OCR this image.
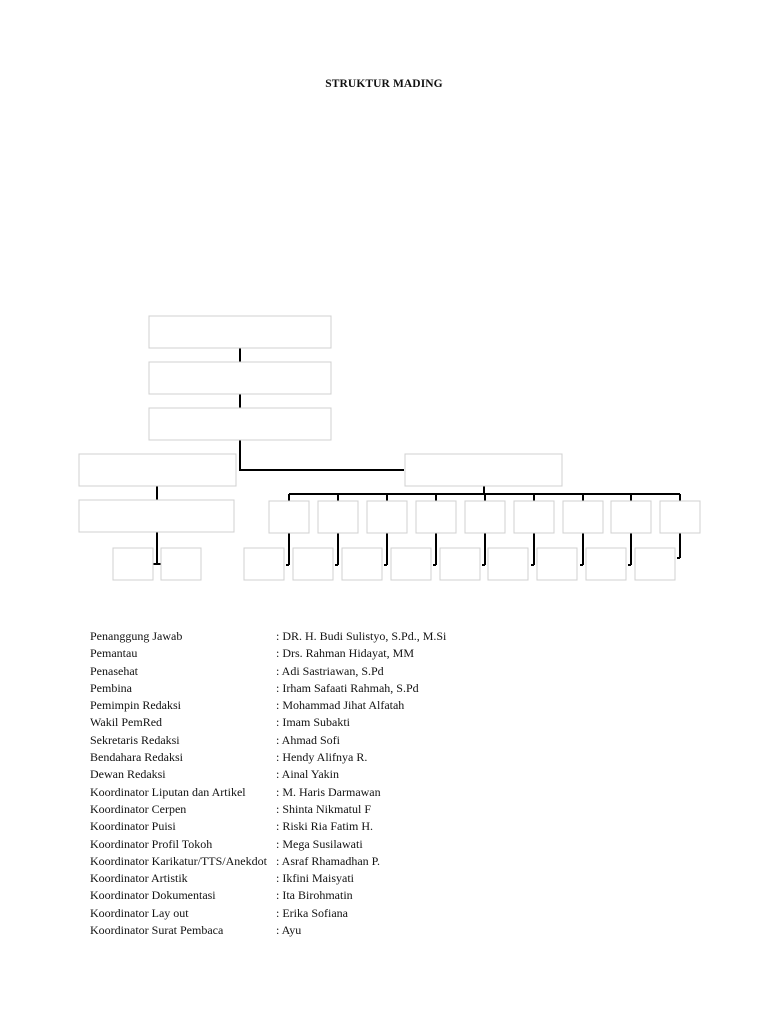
STRUKTUR MADING
Penanggung Jawab	: DR. H. Budi Sulistyo, S.Pd., M.Si
Pemantau	: Drs. Rahman Hidayat, MM
Penasehat	: Adi Sastriawan, S.Pd
Pembina	: Irham Safaati Rahmah, S.Pd
Pemimpin Redaksi	: Mohammad Jihat Alfatah
Wakil PemRed	: Imam Subakti
Sekretaris Redaksi	: Ahmad Sofi
Bendahara Redaksi	: Hendy Alifnya R.
Dewan Redaksi	: Ainal Yakin
Koordinator Liputan dan Artikel	: M. Haris Darmawan
Koordinator Cerpen	: Shinta Nikmatul F
Koordinator Puisi	: Riski Ria Fatim H.
Koordinator Profil Tokoh	: Mega Susilawati
Koordinator Karikatur/TTS/Anekdot : Asraf Rhamadhan P.
Koordinator Artistik	: Ikfini Maisyati
Koordinator Dokumentasi	: Ita Birohmatin
Koordinator Lay out	: Erika Sofiana
Koordinator Surat Pembaca	: Ayu
